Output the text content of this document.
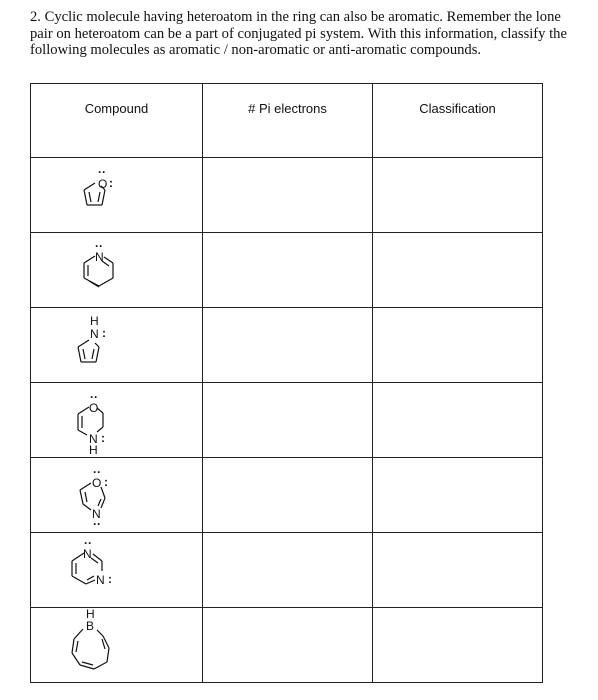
2. Cyclic molecule having heteroatom in the ring can also be aromatic. Remember the lone pair on heteroatom can be a part of conjugated pi system. With this information, classify the following molecules as aromatic / non-aromatic or anti-aromatic compounds.
Compound	# Pi electrons	Classification

O
··
:		

N
··		

H
N :		

O
··
N :
H		

O
··
:
N
··		

N
··
N :		

H
B		
